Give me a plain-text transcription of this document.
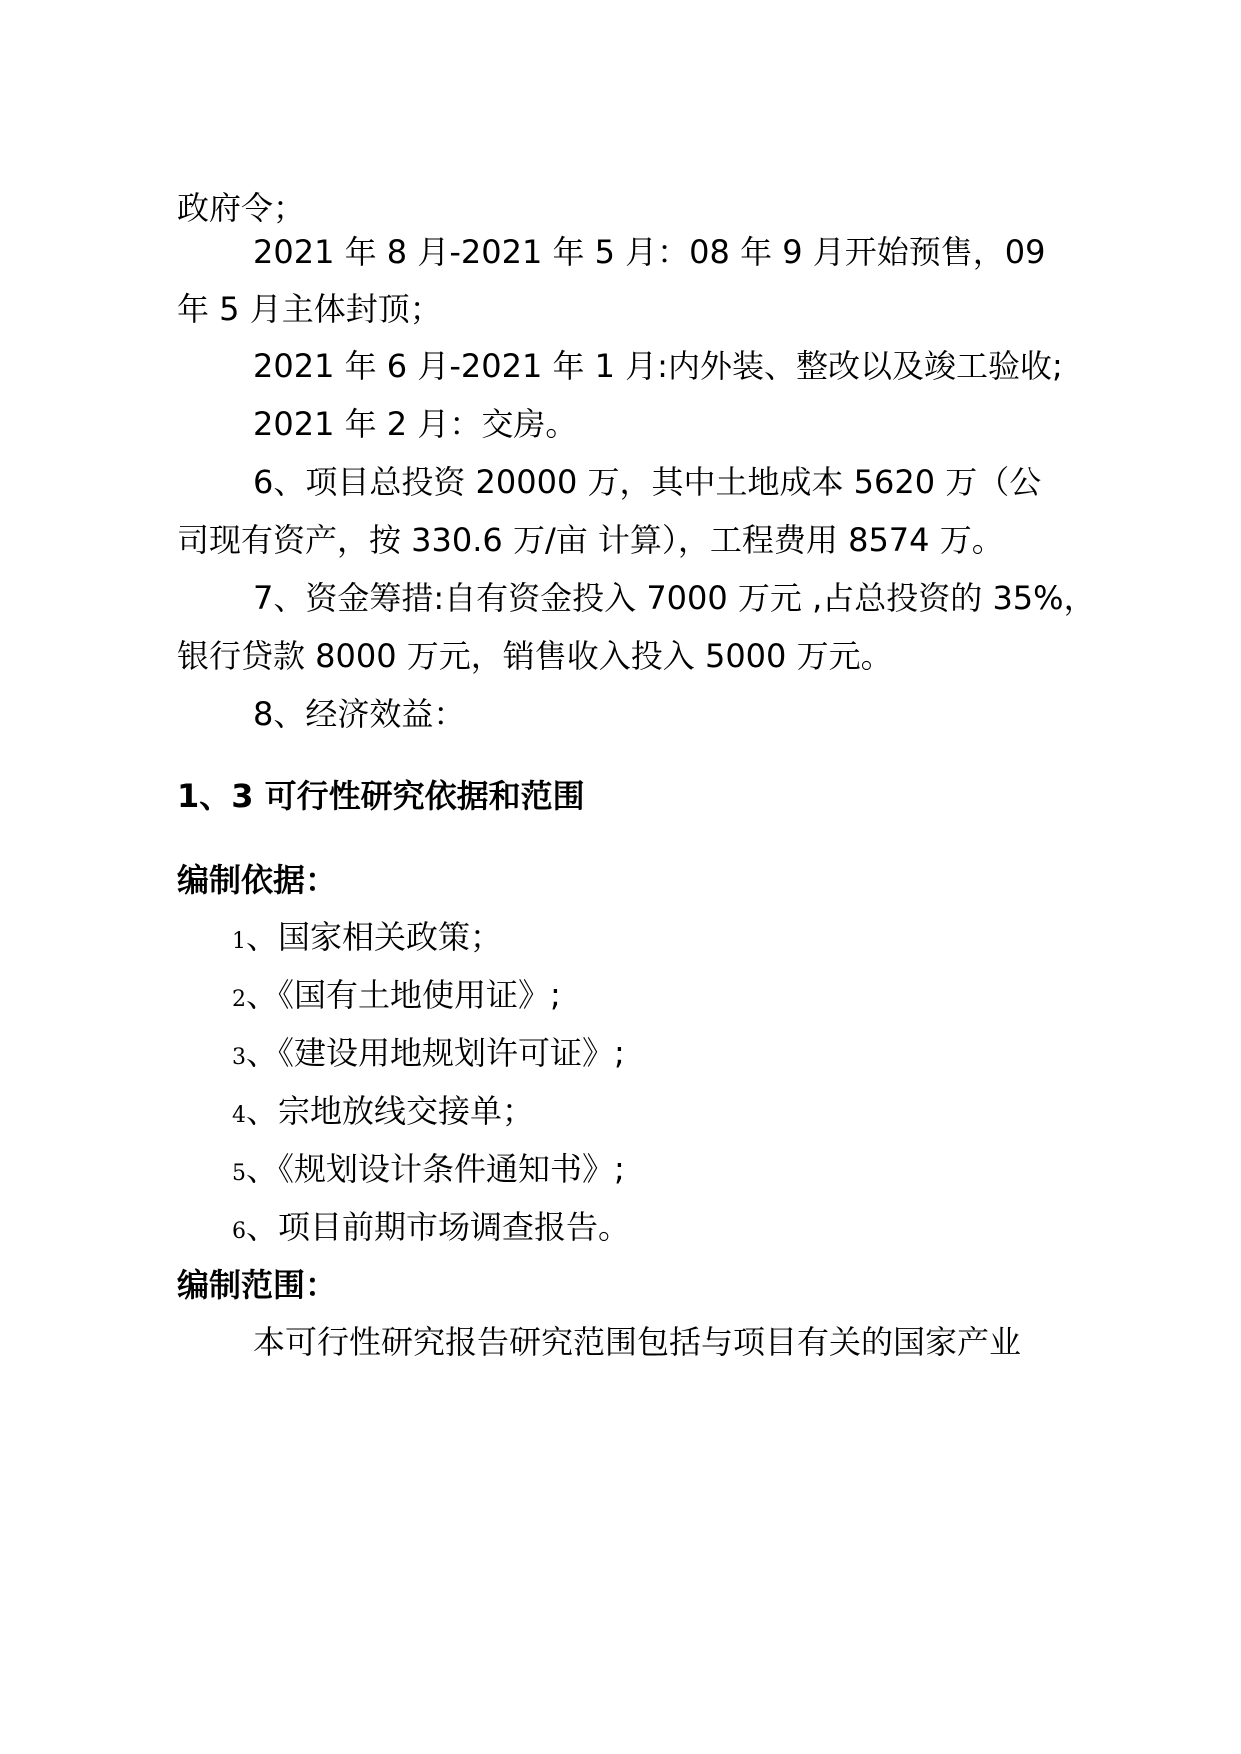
政府令；
2021 年 8 月-2021 年 5 月：08 年 9 月开始预售，09
年 5 月主体封顶；
2021 年 6 月-2021 年 1 月:内外装、整改以及竣工验收;
2021 年 2 月：交房。
6、项目总投资 20000 万，其中土地成本 5620 万（公
司现有资产，按 330.6 万/亩 计算），工程费用 8574 万。
7、资金筹措:自有资金投入 7000 万元 ,占总投资的 35%，
银行贷款 8000 万元，销售收入投入 5000 万元。
8、经济效益：
1、3 可行性研究依据和范围
编制依据：
1、国家相关政策；
2、《国有土地使用证》;
3、《建设用地规划许可证》;
4、宗地放线交接单；
5、《规划设计条件通知书》;
6、项目前期市场调查报告。
编制范围：
本可行性研究报告研究范围包括与项目有关的国家产业
